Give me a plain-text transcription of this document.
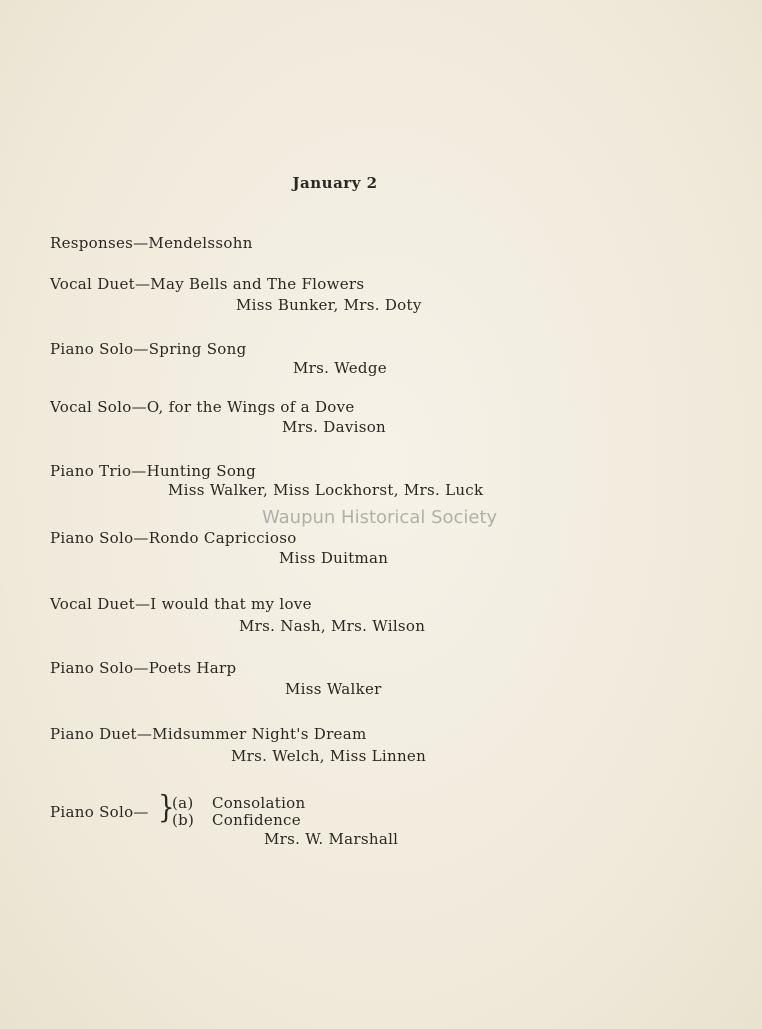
January 2
Responses—Mendelssohn
Vocal Duet—May Bells and The Flowers
Miss Bunker, Mrs. Doty
Piano Solo—Spring Song
Mrs. Wedge
Vocal Solo—O, for the Wings of a Dove
Mrs. Davison
Piano Trio—Hunting Song
Miss Walker, Miss Lockhorst, Mrs. Luck
Waupun Historical Society
Piano Solo—Rondo Capriccioso
Miss Duitman
Vocal Duet—I would that my love
Mrs. Nash, Mrs. Wilson
Piano Solo—Poets Harp
Miss Walker
Piano Duet—Midsummer Night's Dream
Mrs. Welch, Miss Linnen
Piano Solo— }
(a) Consolation
(b) Confidence
Mrs. W. Marshall
